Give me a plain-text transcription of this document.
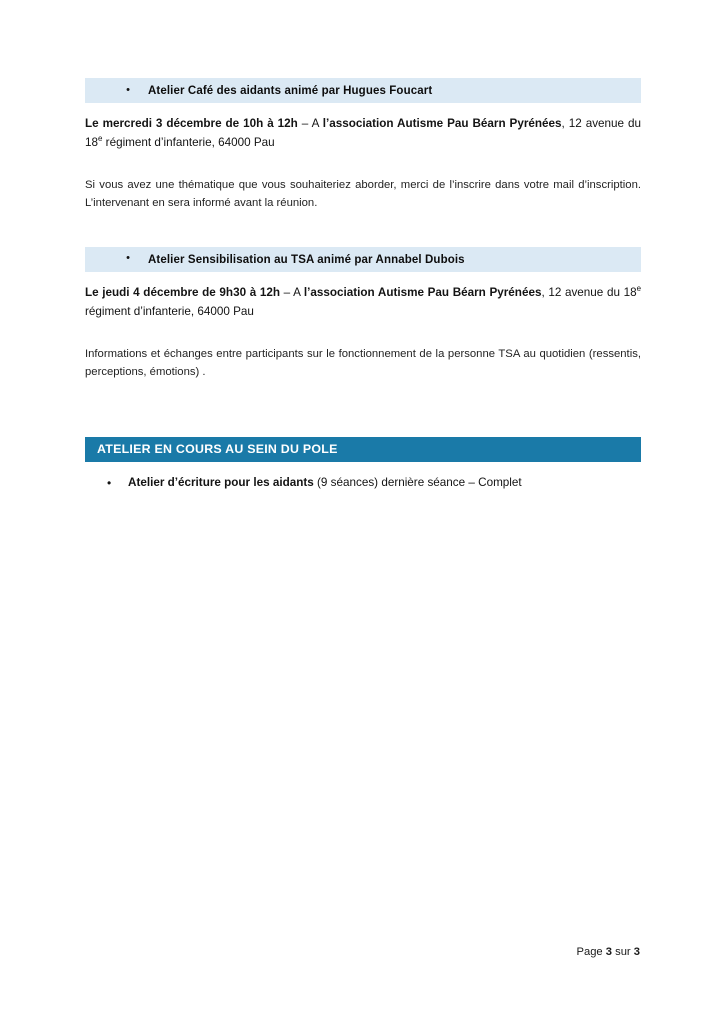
• Atelier Café des aidants animé par Hugues Foucart

Le mercredi 3 décembre de 10h à 12h – A l’association Autisme Pau Béarn Pyrénées, 12 avenue du 18e régiment d’infanterie, 64000 Pau

Si vous avez une thématique que vous souhaiteriez aborder, merci de l’inscrire dans votre mail d’inscription. L’intervenant en sera informé avant la réunion.

• Atelier Sensibilisation au TSA animé par Annabel Dubois

Le jeudi 4 décembre de 9h30 à 12h – A l’association Autisme Pau Béarn Pyrénées, 12 avenue du 18e régiment d’infanterie, 64000 Pau

Informations et échanges entre participants sur le fonctionnement de la personne TSA au quotidien (ressentis, perceptions, émotions) .

ATELIER EN COURS AU SEIN DU POLE
• Atelier d’écriture pour les aidants (9 séances) dernière séance – Complet
Page 3 sur 3
